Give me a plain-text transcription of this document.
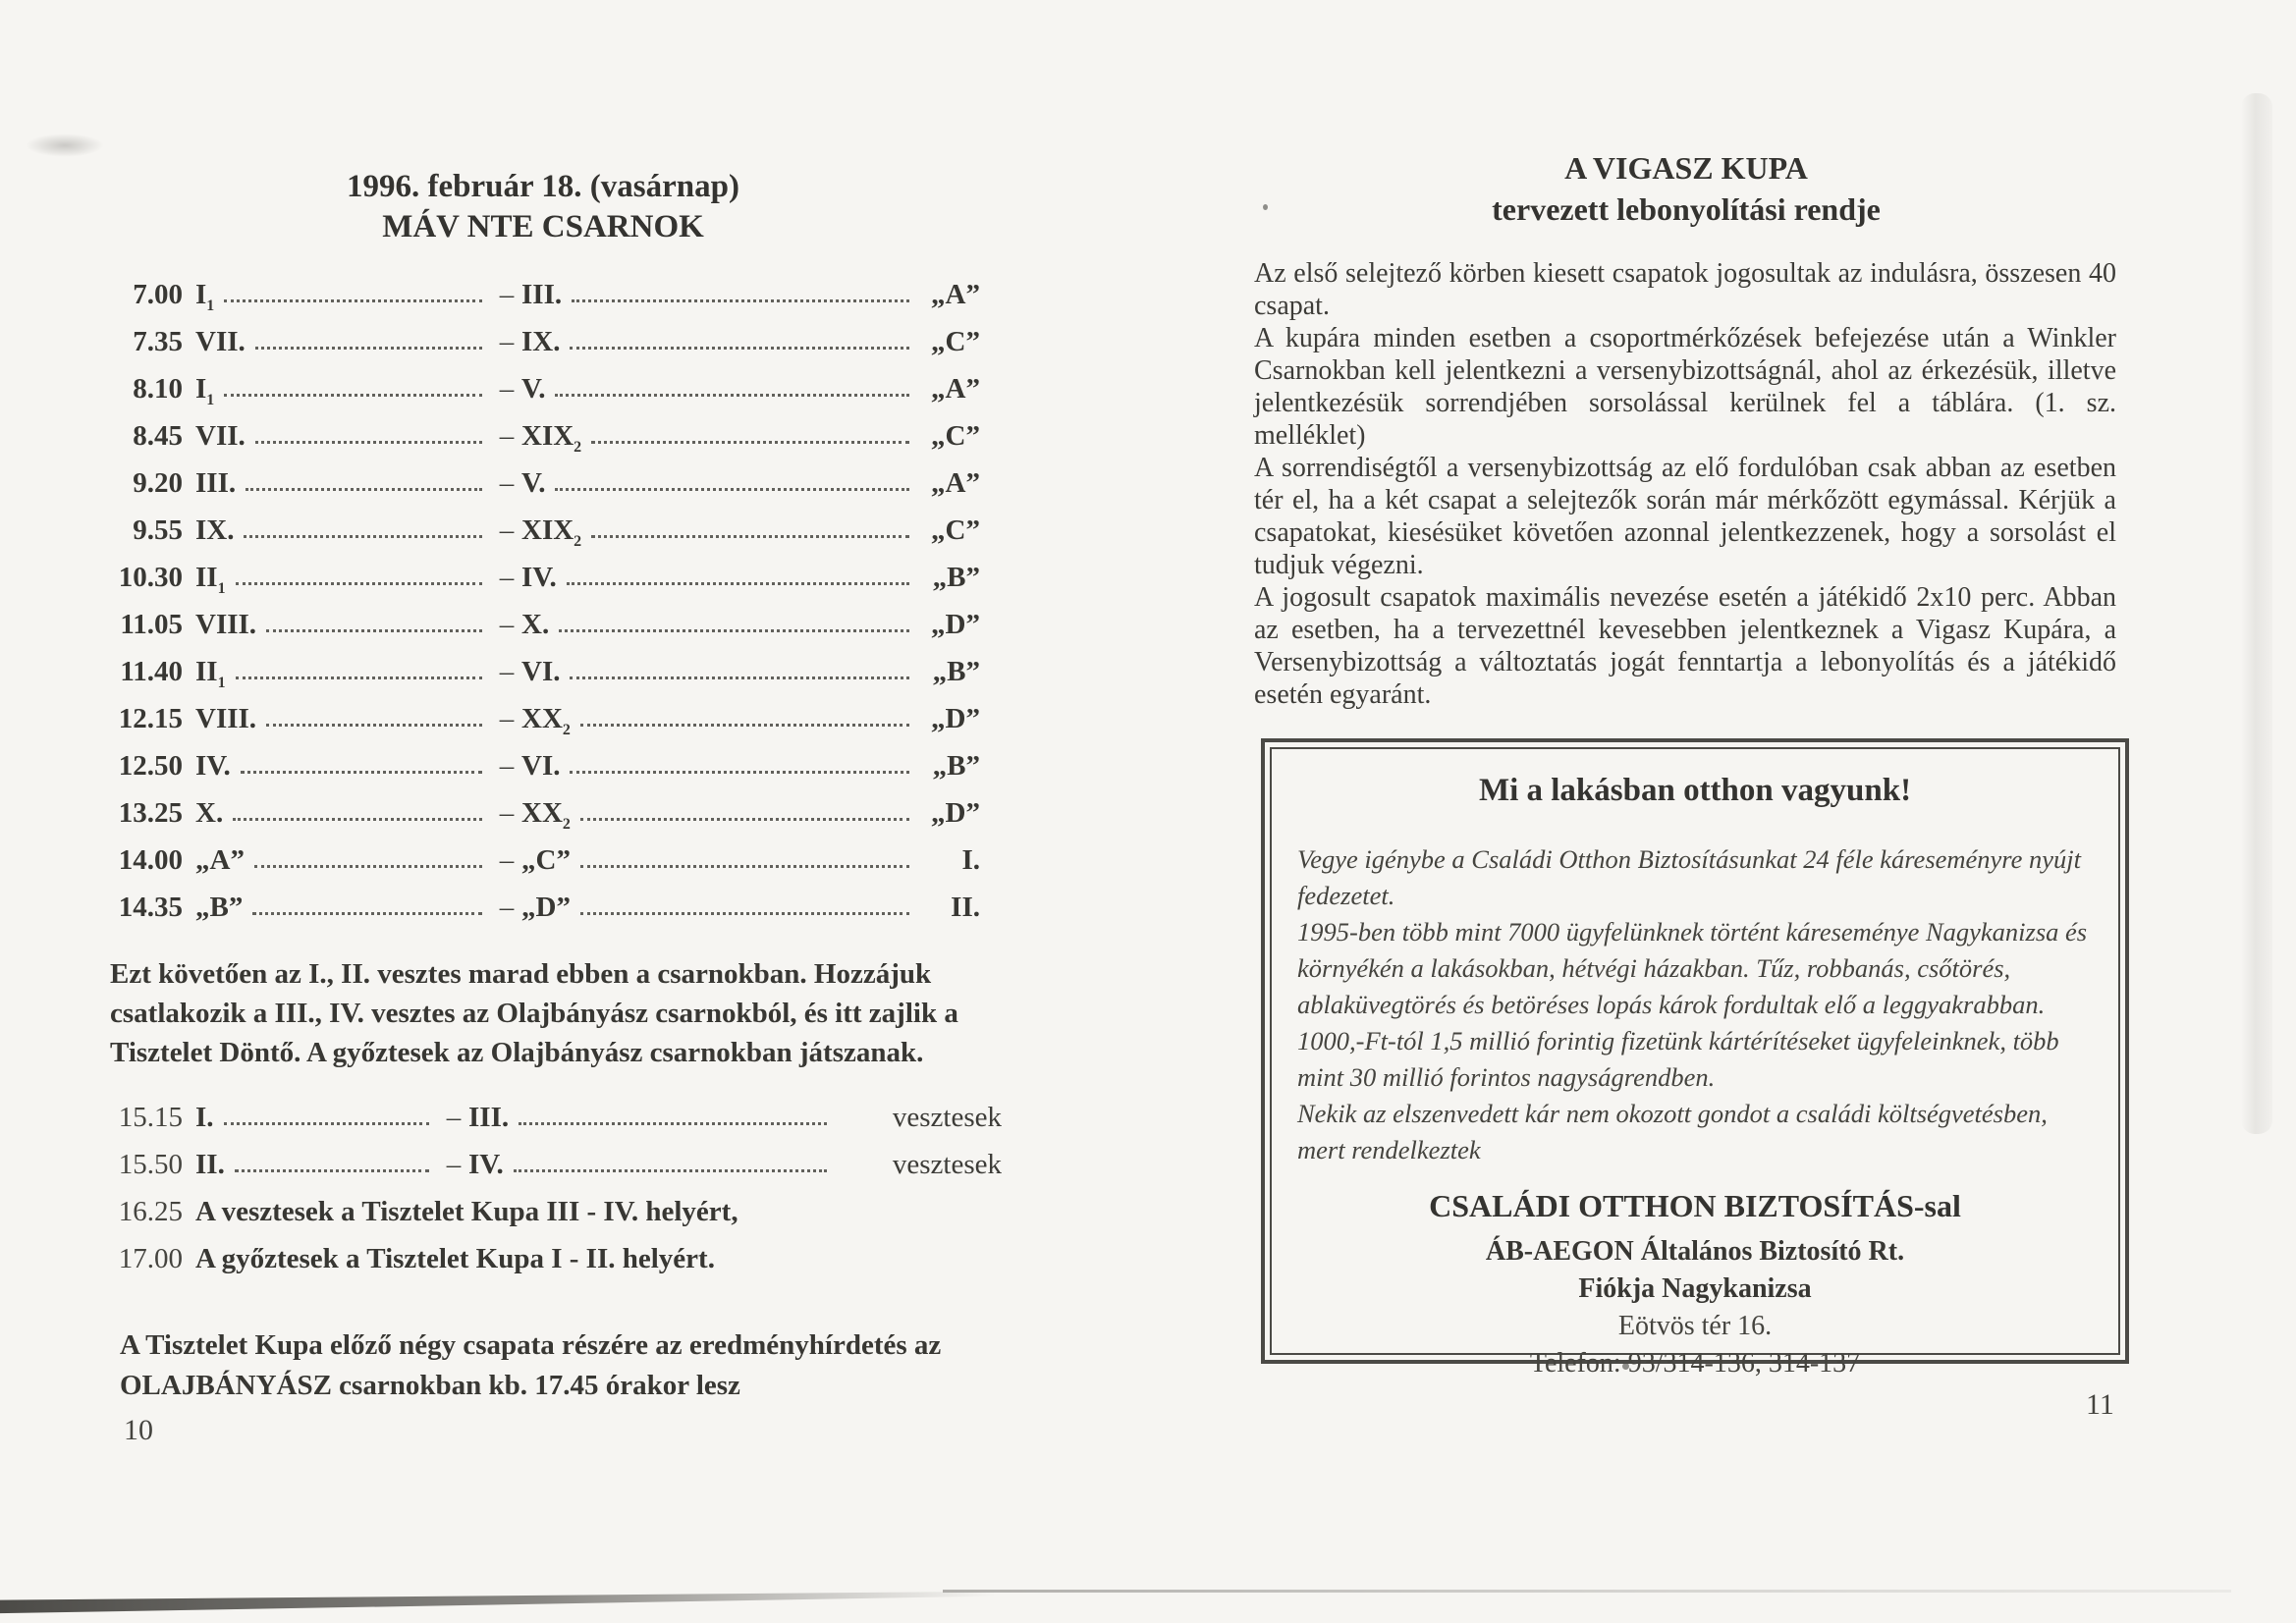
1996. február 18. (vasárnap)
MÁV NTE CSARNOK
7.00 $I_1$	– III.	„A”
7.35 VII.	– IX.	„C”
8.10 $I_1$	– V.	„A”
8.45 VII.	– $XIX_2$	„C”
9.20 III.	– V.	„A”
9.55 IX.	– $XIX_2$	„C”
10.30 $II_1$	– IV.	„B”
11.05 VIII.	– X.	„D”
11.40 $II_1$	– VI.	„B”
12.15 VIII.	– $XX_2$	„D”
12.50 IV.	– VI.	„B”
13.25 X.	– $XX_2$	„D”
14.00 „A”	– „C”	I.
14.35 „B”	– „D”	II.

Ezt követően az I., II. vesztes marad ebben a csarnokban. Hozzájuk csatlakozik a III., IV. vesztes az Olajbányász csarnokból, és itt zajlik a Tisztelet Döntő. A győztesek az Olajbányász csarnokban játszanak.

15.15 I.	– III.	vesztesek
15.50 II.	– IV.	vesztesek
16.25 A vesztesek a Tisztelet Kupa III - IV. helyért,
17.00 A győztesek a Tisztelet Kupa I - II. helyért.

A Tisztelet Kupa előző négy csapata részére az eredményhírdetés az OLAJBÁNYÁSZ csarnokban kb. 17.45 órakor lesz

10
A VIGASZ KUPA
tervezett lebonyolítási rendje

Az első selejtező körben kiesett csapatok jogosultak az indulásra, összesen 40 csapat.

A kupára minden esetben a csoportmérkőzések befejezése után a Winkler Csarnokban kell jelentkezni a versenybizottságnál, ahol az érkezésük, illetve jelentkezésük sorrendjében sorsolással kerülnek fel a táblára. (1. sz. melléklet)

A sorrendiségtől a versenybizottság az elő fordulóban csak abban az esetben tér el, ha a két csapat a selejtezők során már mérkőzött egymással. Kérjük a csapatokat, kiesésüket követően azonnal jelentkezzenek, hogy a sorsolást el tudjuk végezni.

A jogosult csapatok maximális nevezése esetén a játékidő 2x10 perc. Abban az esetben, ha a tervezettnél kevesebben jelentkeznek a Vigasz Kupára, a Versenybizottság a változtatás jogát fenntartja a lebonyolítás és a játékidő esetén egyaránt.

Mi a lakásban otthon vagyunk!

Vegye igénybe a Családi Otthon Biztosításunkat 24 féle káreseményre nyújt fedezetet.

1995-ben több mint 7000 ügyfelünknek történt káreseménye Nagykanizsa és környékén a lakásokban, hétvégi házakban. Tűz, robbanás, csőtörés, ablaküvegtörés és betöréses lopás károk fordultak elő a leggyakrabban.

1000,-Ft-tól 1,5 millió forintig fizetünk kártérítéseket ügyfeleinknek, több mint 30 millió forintos nagyságrendben.

Nekik az elszenvedett kár nem okozott gondot a családi költségvetésben, mert rendelkeztek

CSALÁDI OTTHON BIZTOSÍTÁS-sal
ÁB-AEGON Általános Biztosító Rt.
Fiókja Nagykanizsa
Eötvös tér 16.
Telefon: 93/314-136, 314-137
11
